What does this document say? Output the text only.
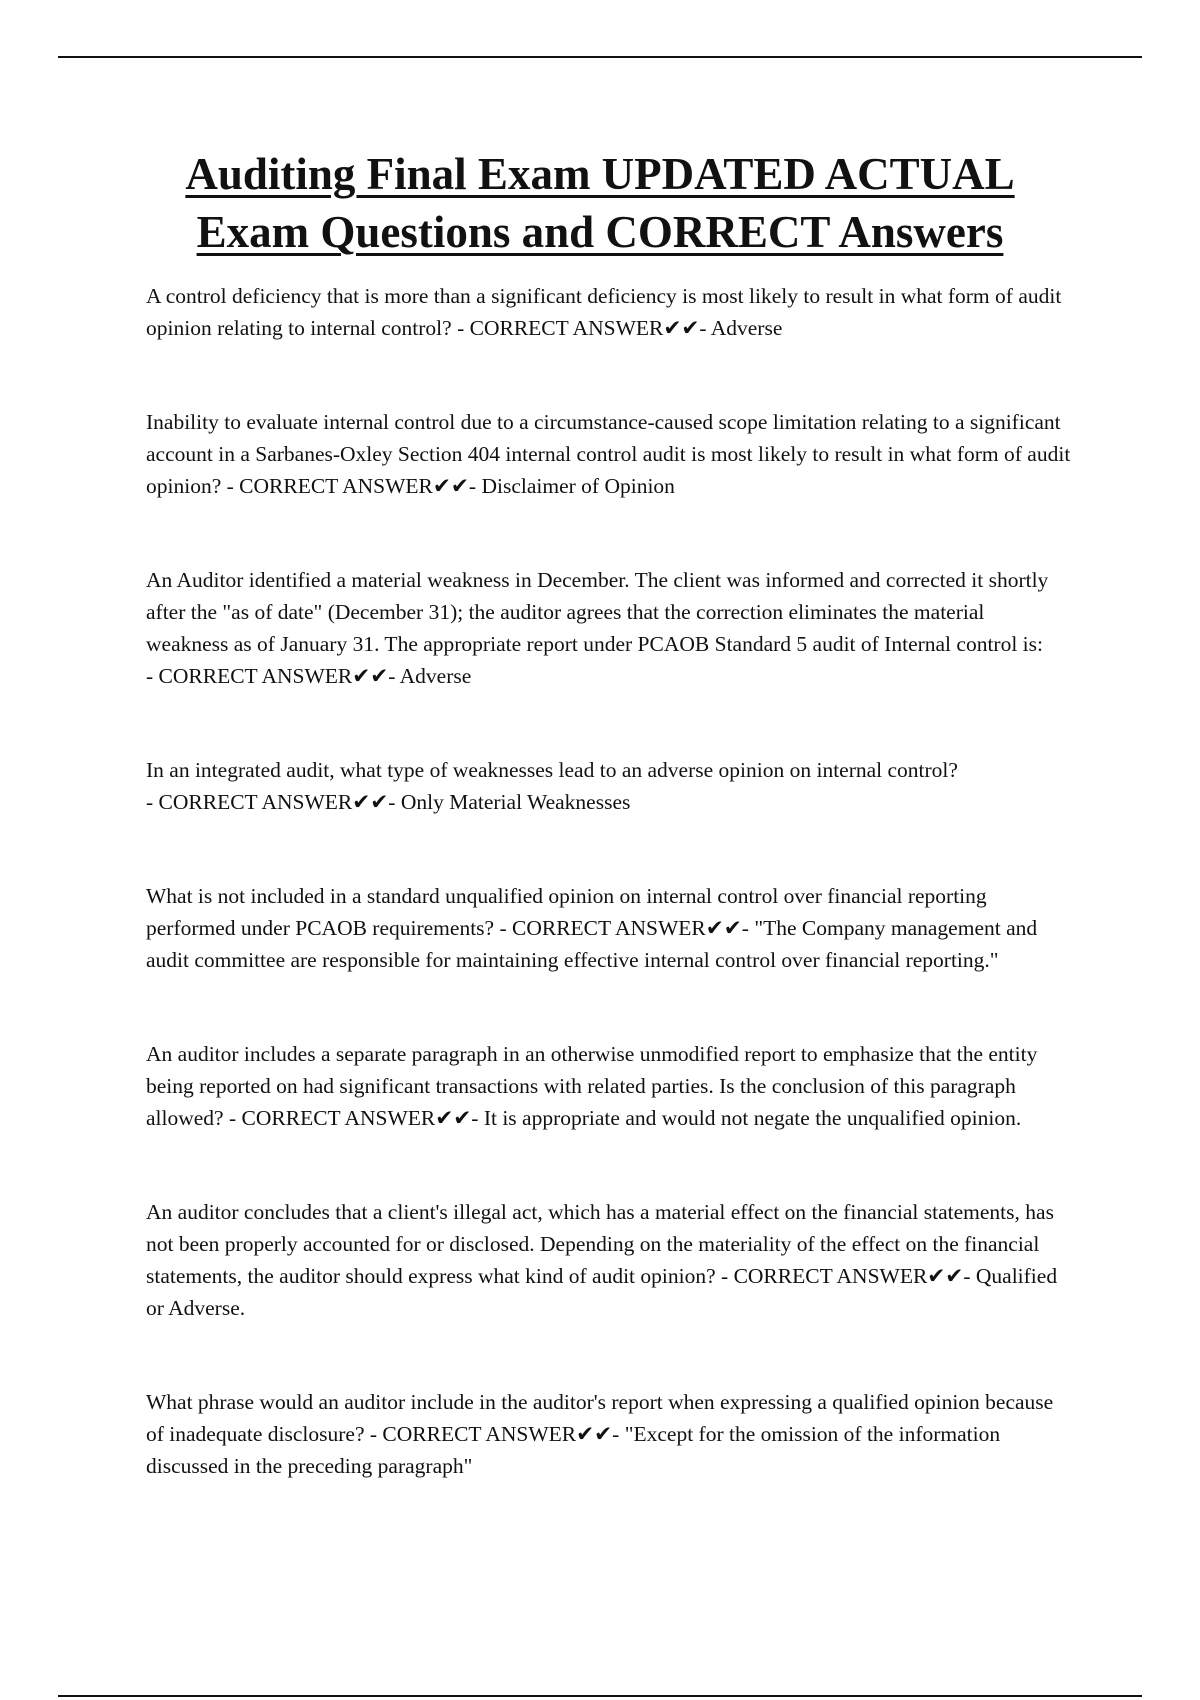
Auditing Final Exam UPDATED ACTUAL
Exam Questions and CORRECT Answers

A control deficiency that is more than a significant deficiency is most likely to result in what form of audit opinion relating to internal control? - CORRECT ANSWER✔✔- Adverse

Inability to evaluate internal control due to a circumstance-caused scope limitation relating to a significant account in a Sarbanes-Oxley Section 404 internal control audit is most likely to result in what form of audit opinion? - CORRECT ANSWER✔✔- Disclaimer of Opinion

An Auditor identified a material weakness in December. The client was informed and corrected it shortly after the "as of date" (December 31); the auditor agrees that the correction eliminates the material weakness as of January 31. The appropriate report under PCAOB Standard 5 audit of Internal control is: - CORRECT ANSWER✔✔- Adverse

In an integrated audit, what type of weaknesses lead to an adverse opinion on internal control? - CORRECT ANSWER✔✔- Only Material Weaknesses

What is not included in a standard unqualified opinion on internal control over financial reporting performed under PCAOB requirements? - CORRECT ANSWER✔✔- "The Company management and audit committee are responsible for maintaining effective internal control over financial reporting."

An auditor includes a separate paragraph in an otherwise unmodified report to emphasize that the entity being reported on had significant transactions with related parties. Is the conclusion of this paragraph allowed? - CORRECT ANSWER✔✔- It is appropriate and would not negate the unqualified opinion.

An auditor concludes that a client's illegal act, which has a material effect on the financial statements, has not been properly accounted for or disclosed. Depending on the materiality of the effect on the financial statements, the auditor should express what kind of audit opinion? - CORRECT ANSWER✔✔- Qualified or Adverse.

What phrase would an auditor include in the auditor's report when expressing a qualified opinion because of inadequate disclosure? - CORRECT ANSWER✔✔- "Except for the omission of the information discussed in the preceding paragraph"
